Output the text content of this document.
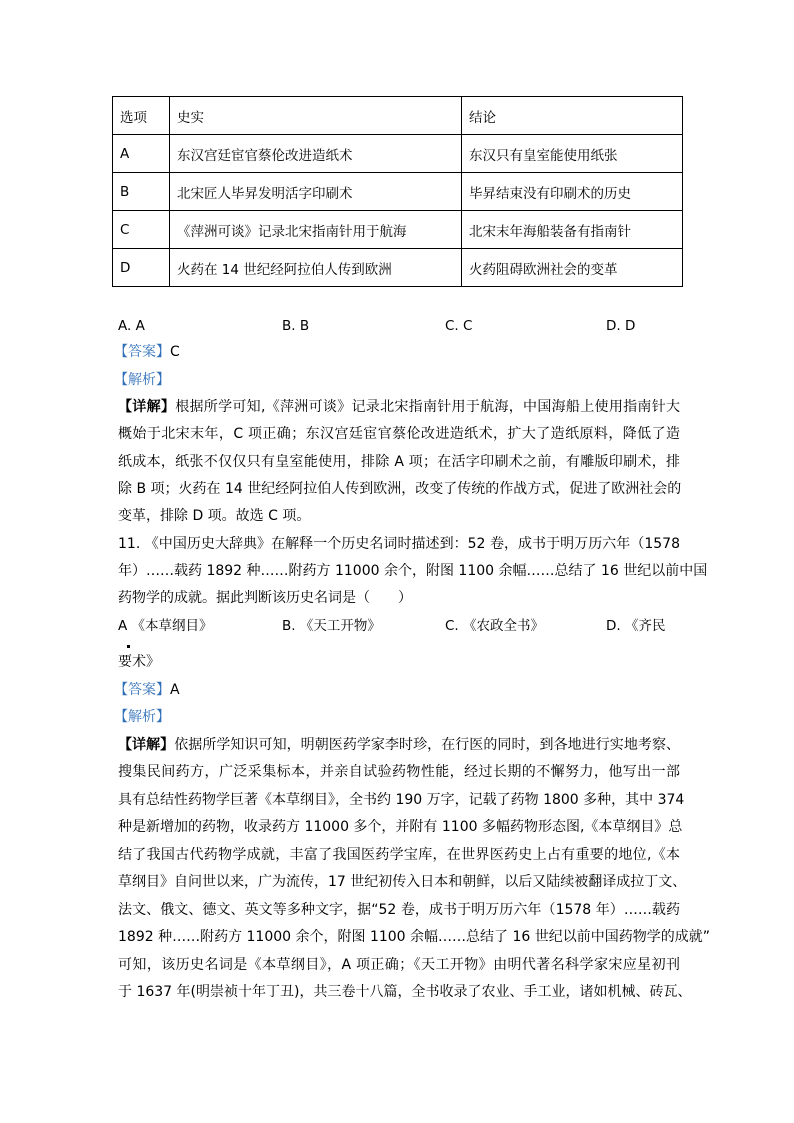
选项	史实	结论
A	东汉宫廷宦官蔡伦改进造纸术	东汉只有皇室能使用纸张
B	北宋匠人毕昇发明活字印刷术	毕昇结束没有印刷术的历史
C	《萍洲可谈》记录北宋指南针用于航海	北宋末年海船装备有指南针
D	火药在 14 世纪经阿拉伯人传到欧洲	火药阻碍欧洲社会的变革
A. A	B. B	C. C	D. D
【答案】C
【解析】
【详解】根据所学可知,《萍洲可谈》记录北宋指南针用于航海，中国海船上使用指南针大
概始于北宋末年，C 项正确；东汉宫廷宦官蔡伦改进造纸术，扩大了造纸原料，降低了造
纸成本，纸张不仅仅只有皇室能使用，排除 A 项；在活字印刷术之前，有雕版印刷术，排
除 B 项；火药在 14 世纪经阿拉伯人传到欧洲，改变了传统的作战方式，促进了欧洲社会的
变革，排除 D 项。故选 C 项。
11. 《中国历史大辞典》在解释一个历史名词时描述到：52 卷，成书于明万历六年（1578
年）……载药 1892 种……附药方 11000 余个，附图 1100 余幅……总结了 16 世纪以前中国
药物学的成就。据此判断该历史名词是（　　）
A 《本草纲目》	B. 《天工开物》	C. 《农政全书》	D. 《齐民
要术》
【答案】A
【解析】
【详解】依据所学知识可知，明朝医药学家李时珍，在行医的同时，到各地进行实地考察、
搜集民间药方，广泛采集标本，并亲自试验药物性能，经过长期的不懈努力，他写出一部
具有总结性药物学巨著《本草纲目》，全书约 190 万字，记载了药物 1800 多种，其中 374
种是新增加的药物，收录药方 11000 多个，并附有 1100 多幅药物形态图,《本草纲目》总
结了我国古代药物学成就，丰富了我国医药学宝库，在世界医药史上占有重要的地位,《本
草纲目》自问世以来，广为流传，17 世纪初传入日本和朝鲜，以后又陆续被翻译成拉丁文、
法文、俄文、德文、英文等多种文字，据“52 卷，成书于明万历六年（1578 年）……载药
1892 种……附药方 11000 余个，附图 1100 余幅……总结了 16 世纪以前中国药物学的成就”
可知，该历史名词是《本草纲目》，A 项正确；《天工开物》由明代著名科学家宋应星初刊
于 1637 年(明崇祯十年丁丑)，共三卷十八篇，全书收录了农业、手工业，诸如机械、砖瓦、
